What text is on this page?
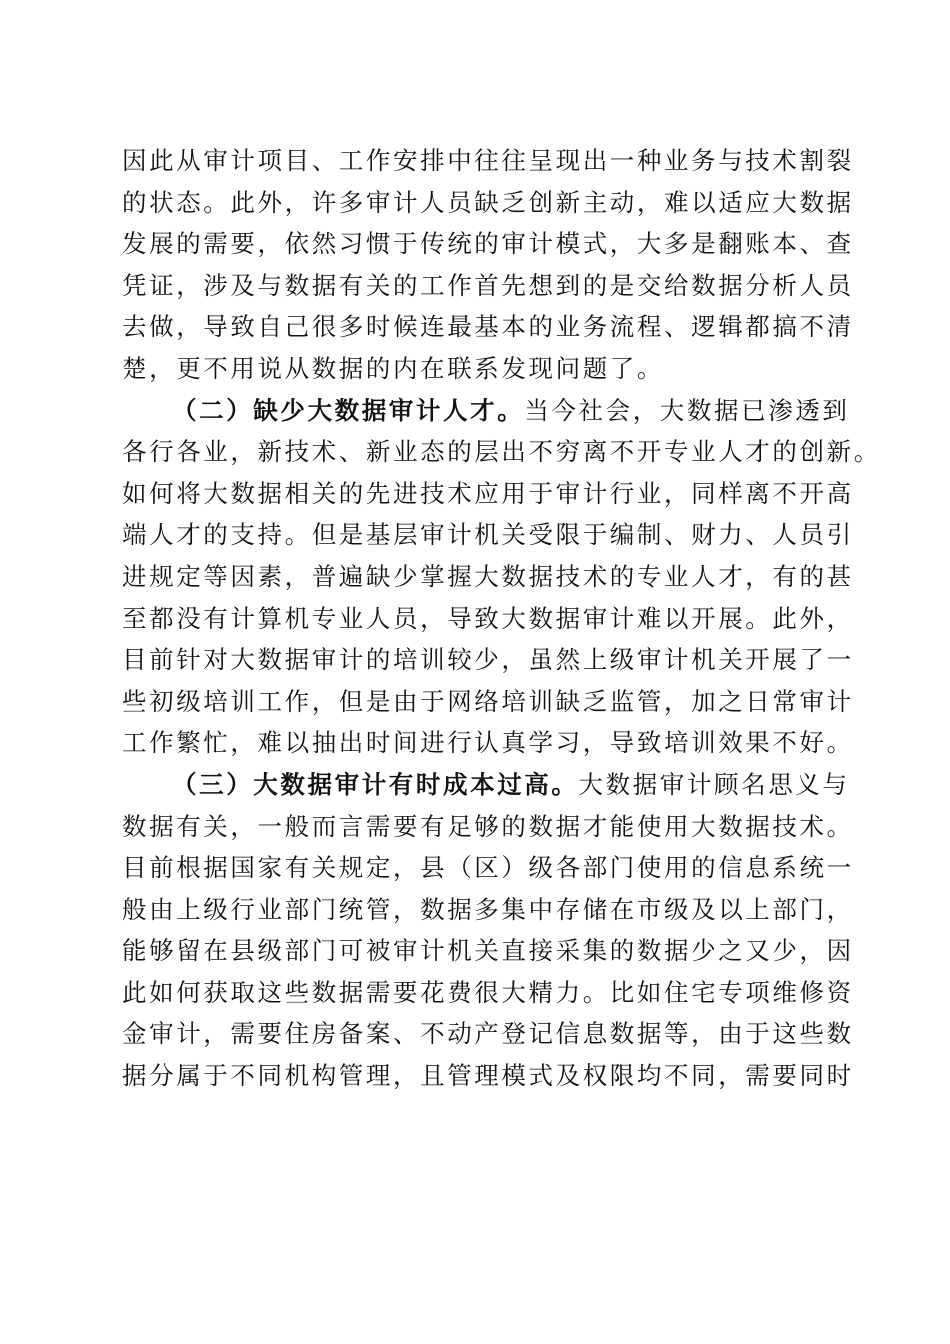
因此从审计项目、工作安排中往往呈现出一种业务与技术割裂
的状态。此外，许多审计人员缺乏创新主动，难以适应大数据
发展的需要，依然习惯于传统的审计模式，大多是翻账本、查
凭证，涉及与数据有关的工作首先想到的是交给数据分析人员
去做，导致自己很多时候连最基本的业务流程、逻辑都搞不清
楚，更不用说从数据的内在联系发现问题了。
（二）缺少大数据审计人才。当今社会，大数据已渗透到
各行各业，新技术、新业态的层出不穷离不开专业人才的创新。
如何将大数据相关的先进技术应用于审计行业，同样离不开高
端人才的支持。但是基层审计机关受限于编制、财力、人员引
进规定等因素，普遍缺少掌握大数据技术的专业人才，有的甚
至都没有计算机专业人员，导致大数据审计难以开展。此外，
目前针对大数据审计的培训较少，虽然上级审计机关开展了一
些初级培训工作，但是由于网络培训缺乏监管，加之日常审计
工作繁忙，难以抽出时间进行认真学习，导致培训效果不好。
（三）大数据审计有时成本过高。大数据审计顾名思义与
数据有关，一般而言需要有足够的数据才能使用大数据技术。
目前根据国家有关规定，县（区）级各部门使用的信息系统一
般由上级行业部门统管，数据多集中存储在市级及以上部门，
能够留在县级部门可被审计机关直接采集的数据少之又少，因
此如何获取这些数据需要花费很大精力。比如住宅专项维修资
金审计，需要住房备案、不动产登记信息数据等，由于这些数
据分属于不同机构管理，且管理模式及权限均不同，需要同时
